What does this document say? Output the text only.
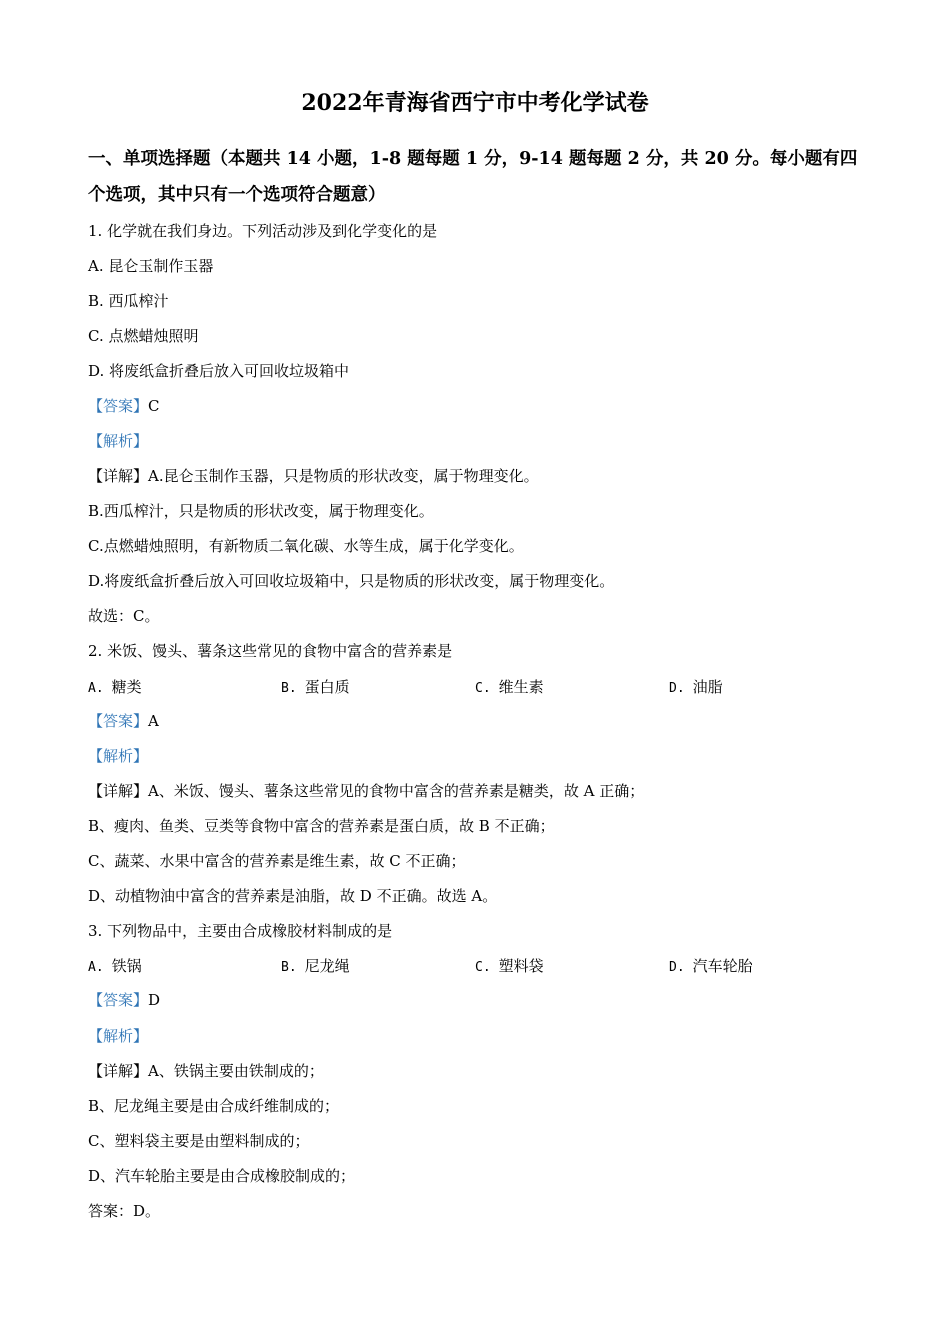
2022年青海省西宁市中考化学试卷
一、单项选择题（本题共 14 小题，1-8 题每题 1 分，9-14 题每题 2 分，共 20 分。每小题有四
个选项，其中只有一个选项符合题意）
1. 化学就在我们身边。下列活动涉及到化学变化的是
A. 昆仑玉制作玉器
B. 西瓜榨汁
C. 点燃蜡烛照明
D. 将废纸盒折叠后放入可回收垃圾箱中
【答案】C
【解析】
【详解】A.昆仑玉制作玉器，只是物质的形状改变，属于物理变化。
B.西瓜榨汁，只是物质的形状改变，属于物理变化。
C.点燃蜡烛照明，有新物质二氧化碳、水等生成，属于化学变化。
D.将废纸盒折叠后放入可回收垃圾箱中，只是物质的形状改变，属于物理变化。
故选：C。
2. 米饭、馒头、薯条这些常见的食物中富含的营养素是
A. 糖类	B. 蛋白质	C. 维生素	D. 油脂
【答案】A
【解析】
【详解】A、米饭、馒头、薯条这些常见的食物中富含的营养素是糖类，故 A 正确；
B、瘦肉、鱼类、豆类等食物中富含的营养素是蛋白质，故 B 不正确；
C、蔬菜、水果中富含的营养素是维生素，故 C 不正确；
D、动植物油中富含的营养素是油脂，故 D 不正确。故选 A。
3. 下列物品中，主要由合成橡胶材料制成的是
A. 铁锅	B. 尼龙绳	C. 塑料袋	D. 汽车轮胎
【答案】D
【解析】
【详解】A、铁锅主要由铁制成的；
B、尼龙绳主要是由合成纤维制成的；
C、塑料袋主要是由塑料制成的；
D、汽车轮胎主要是由合成橡胶制成的；
答案：D。
